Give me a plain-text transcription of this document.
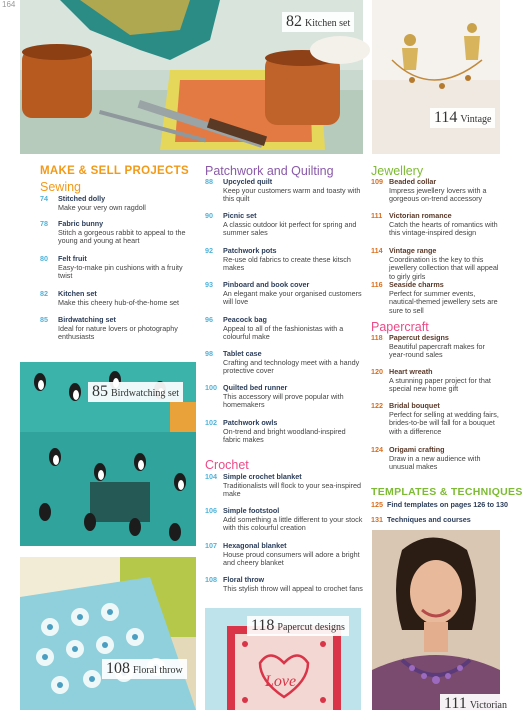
164
82 Kitchen set
114 Vintage
85 Birdwatching set
108 Floral throw
Love
118 Papercut designs
111 Victorian
MAKE & SELL PROJECTS
Sewing
74 Stitched dolly
Make your very own ragdoll
78 Fabric bunny
Stitch a gorgeous rabbit to appeal to the young and young at heart
80 Felt fruit
Easy-to-make pin cushions with a fruity twist
82 Kitchen set
Make this cheery hub-of-the-home set
85 Birdwatching set
Ideal for nature lovers or photography enthusiasts
Patchwork and Quilting
88 Upcycled quilt
Keep your customers warm and toasty with this quilt
90 Picnic set
A classic outdoor kit perfect for spring and summer sales
92 Patchwork pots
Re-use old fabrics to create these kitsch makes
93 Pinboard and book cover
An elegant make your organised customers will love
96 Peacock bag
Appeal to all of the fashionistas with a colourful make
98 Tablet case
Crafting and technology meet with a handy protective cover
100 Quilted bed runner
This accessory will prove popular with homemakers
102 Patchwork owls
On-trend and bright woodland-inspired fabric makes
Crochet
104 Simple crochet blanket
Traditionalists will flock to your sea-inspired make
106 Simple footstool
Add something a little different to your stock with this colourful creation
107 Hexagonal blanket
House proud consumers will adore a bright and cheery blanket
108 Floral throw
This stylish throw will appeal to crochet fans
Jewellery
109 Beaded collar
Impress jewellery lovers with a gorgeous on-trend accessory
111 Victorian romance
Catch the hearts of romantics with this vintage-inspired design
114 Vintage range
Coordination is the key to this jewellery collection that will appeal to girly girls
116 Seaside charms
Perfect for summer events, nautical-themed jewellery sets are sure to sell
Papercraft
118 Papercut designs
Beautiful papercraft makes for year-round sales
120 Heart wreath
A stunning paper project for that special new home gift
122 Bridal bouquet
Perfect for selling at wedding fairs, brides-to-be will fall for a bouquet with a difference
124 Origami crafting
Draw in a new audience with unusual makes
TEMPLATES & TECHNIQUES
125 Find templates on pages 126 to 130
131 Techniques and courses
